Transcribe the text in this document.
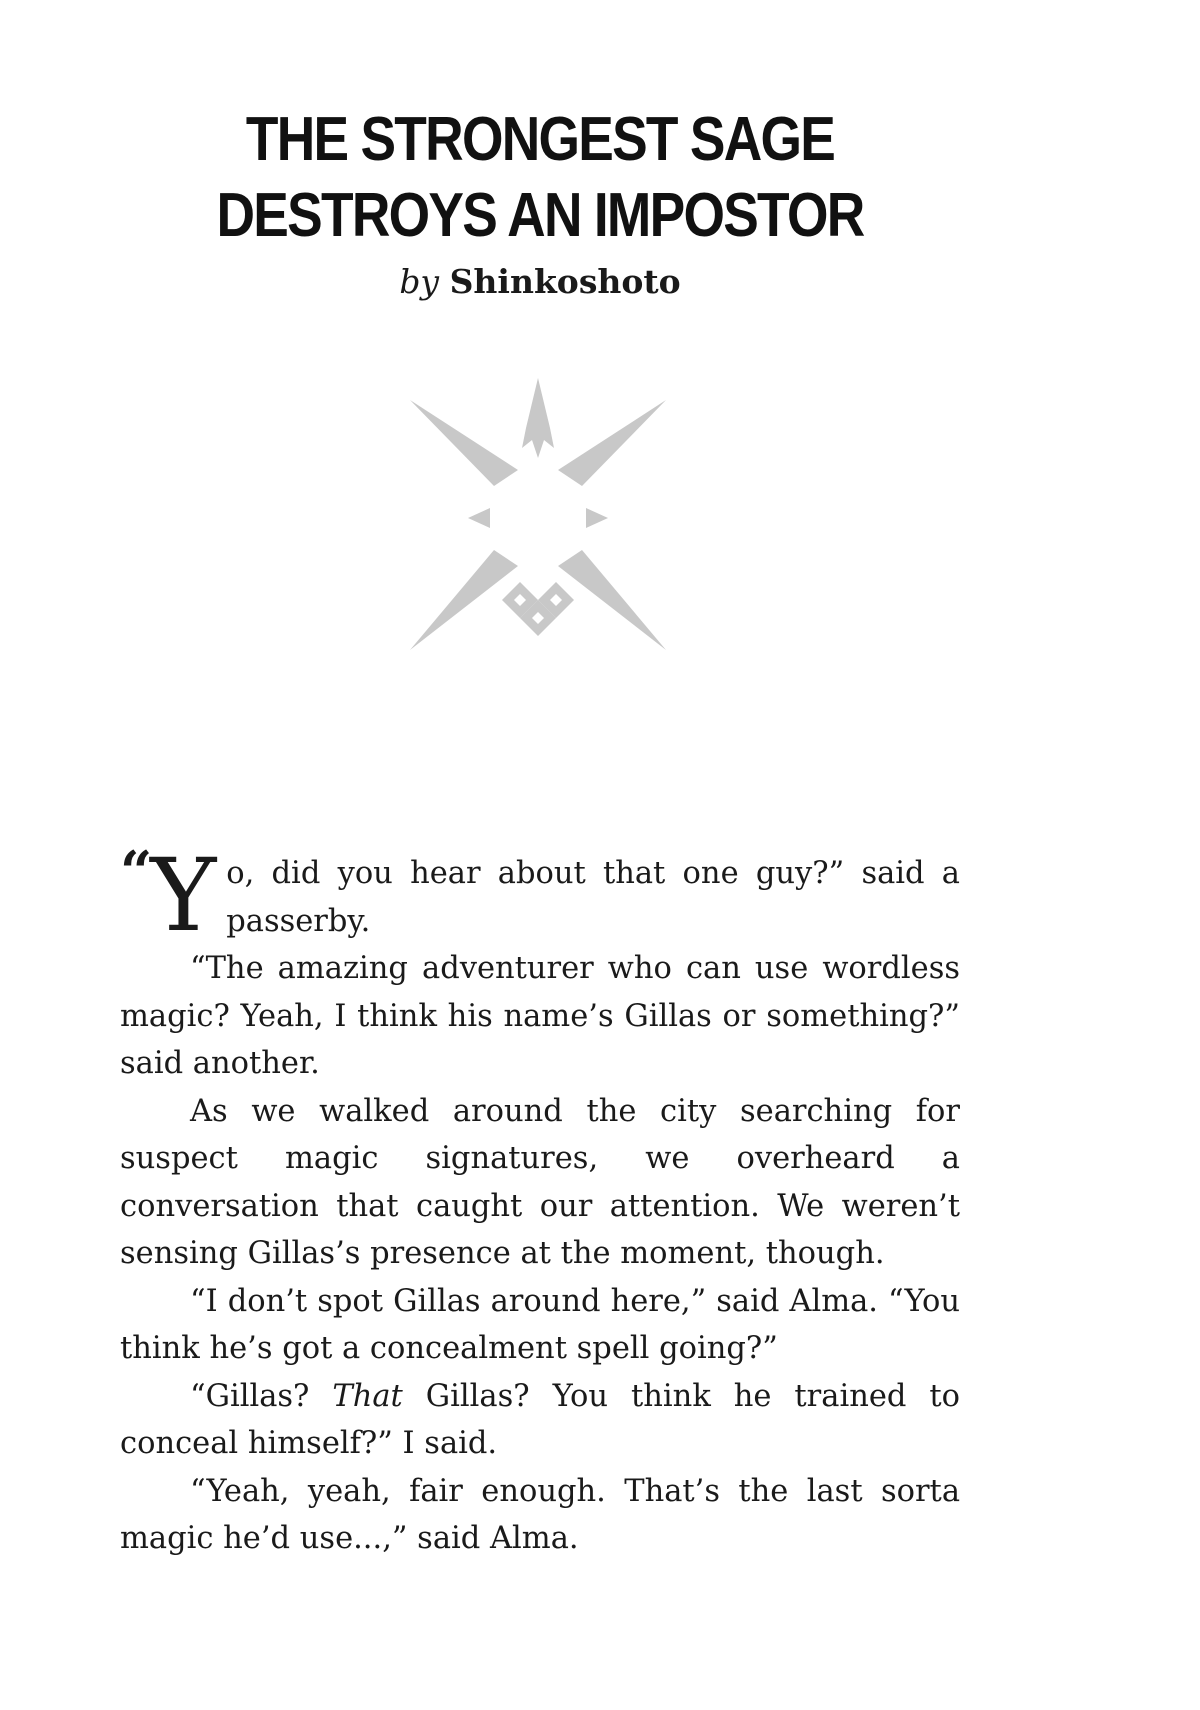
THE STRONGEST SAGE
DESTROYS AN IMPOSTOR
by Shinkoshoto

“Y o, did you hear about that one guy?” said a passerby.

“The amazing adventurer who can use wordless magic? Yeah, I think his name’s Gillas or something?” said another.

As we walked around the city searching for suspect magic signatures, we overheard a conversation that caught our attention. We weren’t sensing Gillas’s presence at the moment, though.

“I don’t spot Gillas around here,” said Alma. “You think he’s got a concealment spell going?”

“Gillas? That Gillas? You think he trained to conceal himself?” I said.

“Yeah, yeah, fair enough. That’s the last sorta magic he’d use...,” said Alma.
